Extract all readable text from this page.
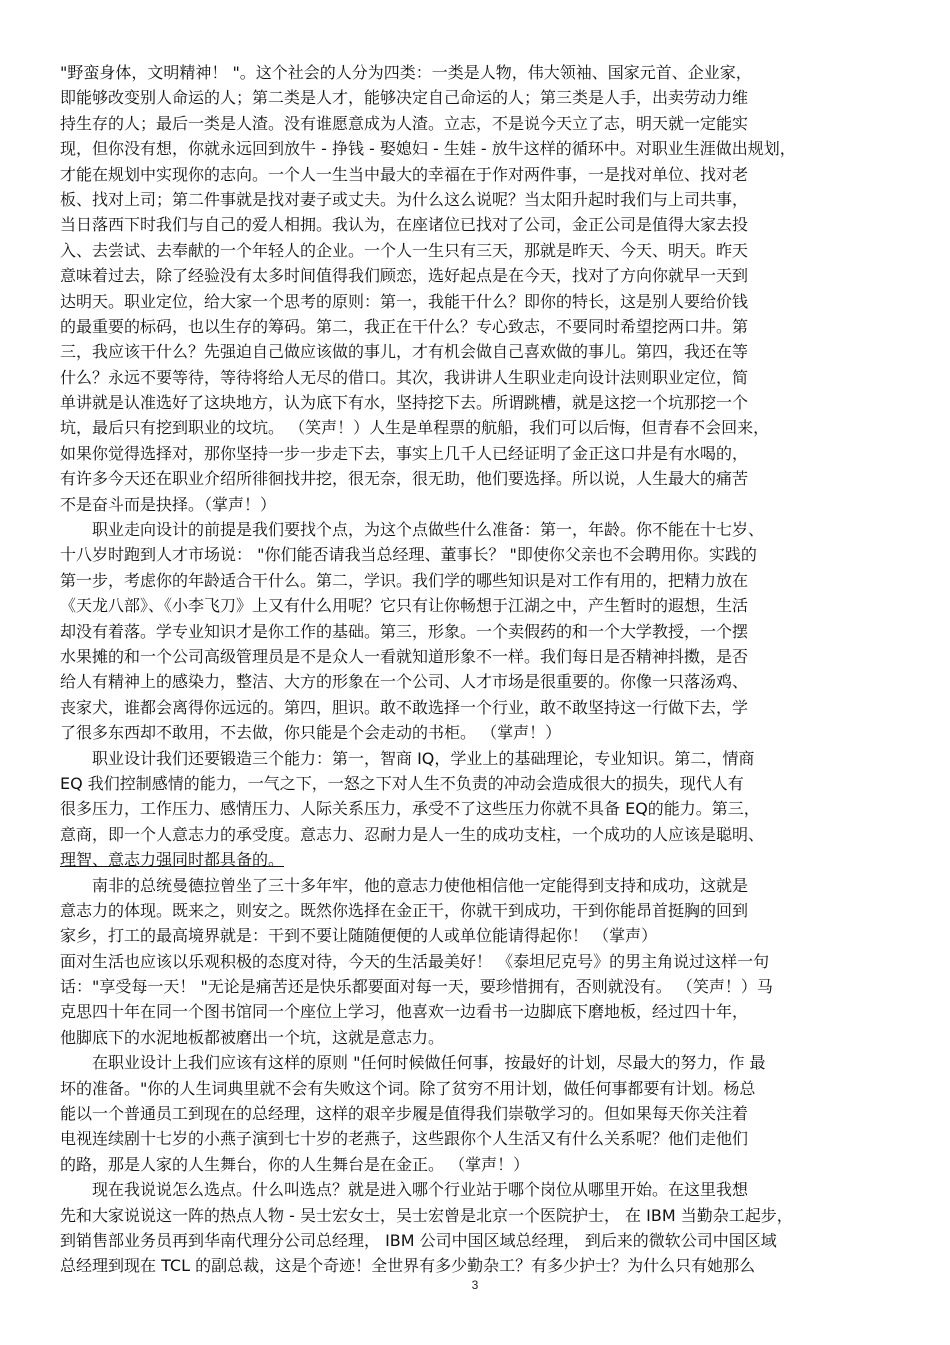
"野蛮身体，文明精神！ "。这个社会的人分为四类：一类是人物，伟大领袖、国家元首、企业家，
即能够改变别人命运的人；第二类是人才，能够决定自己命运的人；第三类是人手，出卖劳动力维
持生存的人；最后一类是人渣。没有谁愿意成为人渣。立志，不是说今天立了志，明天就一定能实
现，但你没有想，你就永远回到放牛 - 挣钱 - 娶媳妇 - 生娃 - 放牛这样的循环中。对职业生涯做出规划，
才能在规划中实现你的志向。一个人一生当中最大的幸福在于作对两件事，一是找对单位、找对老
板、找对上司；第二件事就是找对妻子或丈夫。为什么这么说呢？当太阳升起时我们与上司共事，
当日落西下时我们与自己的爱人相拥。我认为，在座诸位已找对了公司，金正公司是值得大家去投
入、去尝试、去奉献的一个年轻人的企业。一个人一生只有三天，那就是昨天、今天、明天。昨天
意味着过去，除了经验没有太多时间值得我们顾恋，选好起点是在今天，找对了方向你就早一天到
达明天。职业定位，给大家一个思考的原则：第一，我能干什么？即你的特长，这是别人要给价钱
的最重要的标码，也以生存的筹码。第二，我正在干什么？专心致志，不要同时希望挖两口井。第
三，我应该干什么？先强迫自己做应该做的事儿，才有机会做自己喜欢做的事儿。第四，我还在等
什么？永远不要等待，等待将给人无尽的借口。其次，我讲讲人生职业走向设计法则职业定位，简
单讲就是认准选好了这块地方，认为底下有水，坚持挖下去。所谓跳槽，就是这挖一个坑那挖一个
坑，最后只有挖到职业的坟坑。 （笑声！）人生是单程票的航船，我们可以后悔，但青春不会回来，
如果你觉得选择对，那你坚持一步一步走下去，事实上几千人已经证明了金正这口井是有水喝的，
有许多今天还在职业介绍所徘徊找井挖，很无奈，很无助，他们要选择。所以说，人生最大的痛苦
不是奋斗而是抉择。（掌声！）
职业走向设计的前提是我们要找个点，为这个点做些什么准备：第一，年龄。你不能在十七岁、
十八岁时跑到人才市场说： "你们能否请我当总经理、董事长？ "即使你父亲也不会聘用你。实践的
第一步，考虑你的年龄适合干什么。第二，学识。我们学的哪些知识是对工作有用的，把精力放在
《天龙八部》、《小李飞刀》上又有什么用呢？它只有让你畅想于江湖之中，产生暂时的遐想，生活
却没有着落。学专业知识才是你工作的基础。第三，形象。一个卖假药的和一个大学教授，一个摆
水果摊的和一个公司高级管理员是不是众人一看就知道形象不一样。我们每日是否精神抖擞，是否
给人有精神上的感染力，整洁、大方的形象在一个公司、人才市场是很重要的。你像一只落汤鸡、
丧家犬，谁都会离得你远远的。第四，胆识。敢不敢选择一个行业，敢不敢坚持这一行做下去，学
了很多东西却不敢用，不去做，你只能是个会走动的书柜。 （掌声！）
职业设计我们还要锻造三个能力：第一，智商 IQ，学业上的基础理论，专业知识。第二，情商
EQ 我们控制感情的能力，一气之下，一怒之下对人生不负责的冲动会造成很大的损失，现代人有
很多压力，工作压力、感情压力、人际关系压力，承受不了这些压力你就不具备 EQ的能力。第三，
意商，即一个人意志力的承受度。意志力、忍耐力是人一生的成功支柱，一个成功的人应该是聪明、
理智、意志力强同时都具备的。
南非的总统曼德拉曾坐了三十多年牢，他的意志力使他相信他一定能得到支持和成功，这就是
意志力的体现。既来之，则安之。既然你选择在金正干，你就干到成功，干到你能昂首挺胸的回到
家乡，打工的最高境界就是：干到不要让随随便便的人或单位能请得起你！ （掌声）
面对生活也应该以乐观积极的态度对待，今天的生活最美好！ 《泰坦尼克号》的男主角说过这样一句
话："享受每一天！ "无论是痛苦还是快乐都要面对每一天，要珍惜拥有，否则就没有。 （笑声！）马
克思四十年在同一个图书馆同一个座位上学习，他喜欢一边看书一边脚底下磨地板，经过四十年，
他脚底下的水泥地板都被磨出一个坑，这就是意志力。
在职业设计上我们应该有这样的原则 "任何时候做任何事，按最好的计划，尽最大的努力，作 最
坏的准备。"你的人生词典里就不会有失败这个词。除了贫穷不用计划，做任何事都要有计划。杨总
能以一个普通员工到现在的总经理，这样的艰辛步履是值得我们崇敬学习的。但如果每天你关注着
电视连续剧十七岁的小燕子演到七十岁的老燕子，这些跟你个人生活又有什么关系呢？他们走他们
的路，那是人家的人生舞台，你的人生舞台是在金正。 （掌声！）
现在我说说怎么选点。什么叫选点？就是进入哪个行业站于哪个岗位从哪里开始。在这里我想
先和大家说说这一阵的热点人物 - 吴士宏女士，吴士宏曾是北京一个医院护士， 在 IBM 当勤杂工起步，
到销售部业务员再到华南代理分公司总经理， IBM 公司中国区域总经理， 到后来的微软公司中国区域
总经理到现在 TCL 的副总裁，这是个奇迹！全世界有多少勤杂工？有多少护士？为什么只有她那么
3
